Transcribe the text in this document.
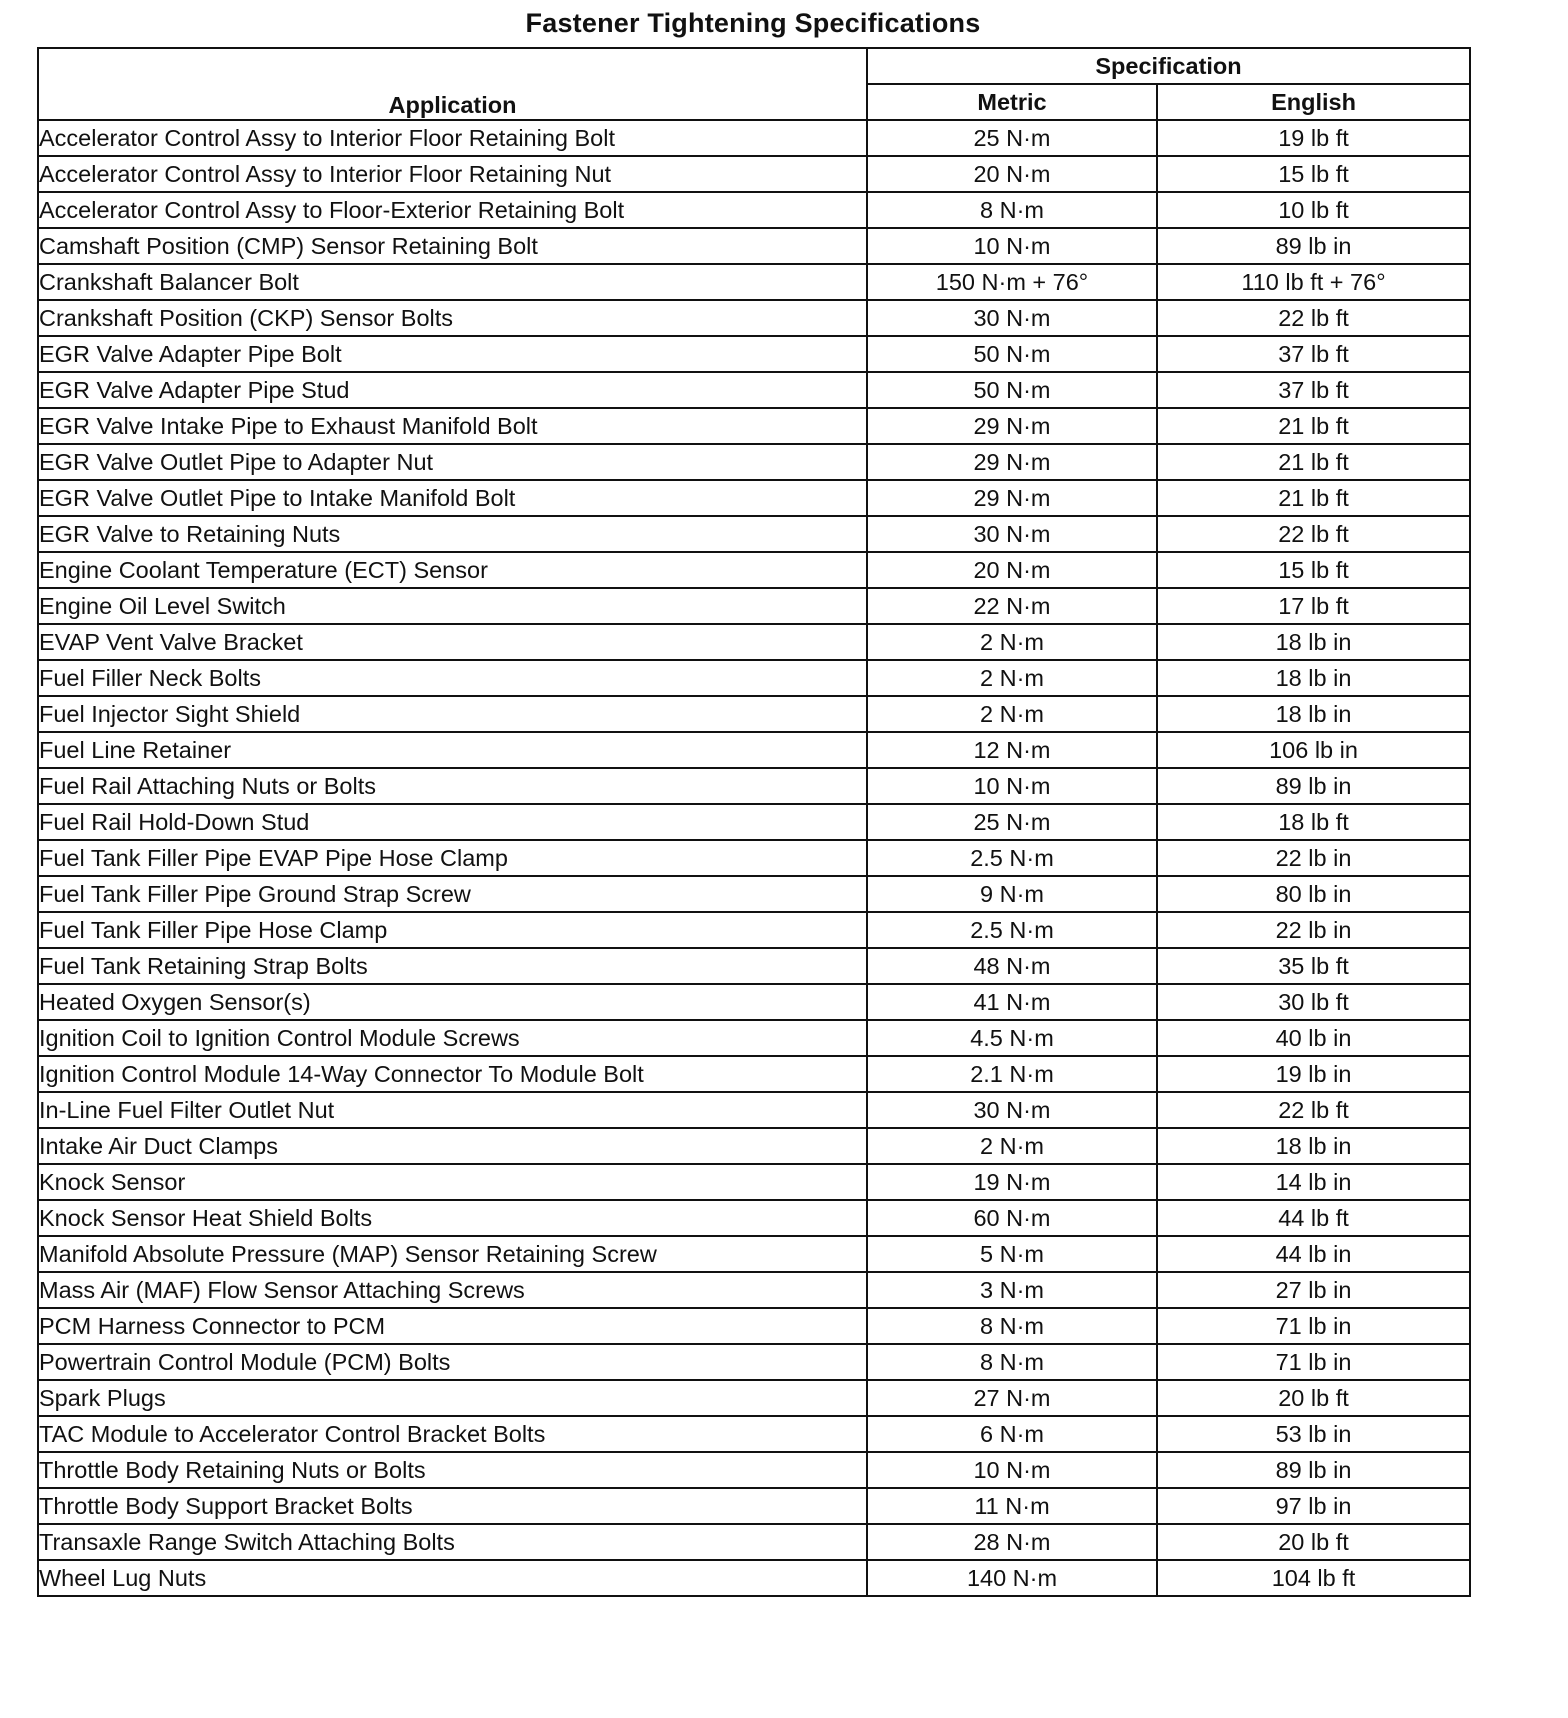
Fastener Tightening Specifications
Application	Specification	
	Metric	English
Accelerator Control Assy to Interior Floor Retaining Bolt	25 N·m	19 lb ft
Accelerator Control Assy to Interior Floor Retaining Nut	20 N·m	15 lb ft
Accelerator Control Assy to Floor-Exterior Retaining Bolt	8 N·m	10 lb ft
Camshaft Position (CMP) Sensor Retaining Bolt	10 N·m	89 lb in
Crankshaft Balancer Bolt	150 N·m + 76°	110 lb ft + 76°
Crankshaft Position (CKP) Sensor Bolts	30 N·m	22 lb ft
EGR Valve Adapter Pipe Bolt	50 N·m	37 lb ft
EGR Valve Adapter Pipe Stud	50 N·m	37 lb ft
EGR Valve Intake Pipe to Exhaust Manifold Bolt	29 N·m	21 lb ft
EGR Valve Outlet Pipe to Adapter Nut	29 N·m	21 lb ft
EGR Valve Outlet Pipe to Intake Manifold Bolt	29 N·m	21 lb ft
EGR Valve to Retaining Nuts	30 N·m	22 lb ft
Engine Coolant Temperature (ECT) Sensor	20 N·m	15 lb ft
Engine Oil Level Switch	22 N·m	17 lb ft
EVAP Vent Valve Bracket	2 N·m	18 lb in
Fuel Filler Neck Bolts	2 N·m	18 lb in
Fuel Injector Sight Shield	2 N·m	18 lb in
Fuel Line Retainer	12 N·m	106 lb in
Fuel Rail Attaching Nuts or Bolts	10 N·m	89 lb in
Fuel Rail Hold-Down Stud	25 N·m	18 lb ft
Fuel Tank Filler Pipe EVAP Pipe Hose Clamp	2.5 N·m	22 lb in
Fuel Tank Filler Pipe Ground Strap Screw	9 N·m	80 lb in
Fuel Tank Filler Pipe Hose Clamp	2.5 N·m	22 lb in
Fuel Tank Retaining Strap Bolts	48 N·m	35 lb ft
Heated Oxygen Sensor(s)	41 N·m	30 lb ft
Ignition Coil to Ignition Control Module Screws	4.5 N·m	40 lb in
Ignition Control Module 14-Way Connector To Module Bolt	2.1 N·m	19 lb in
In-Line Fuel Filter Outlet Nut	30 N·m	22 lb ft
Intake Air Duct Clamps	2 N·m	18 lb in
Knock Sensor	19 N·m	14 lb in
Knock Sensor Heat Shield Bolts	60 N·m	44 lb ft
Manifold Absolute Pressure (MAP) Sensor Retaining Screw	5 N·m	44 lb in
Mass Air (MAF) Flow Sensor Attaching Screws	3 N·m	27 lb in
PCM Harness Connector to PCM	8 N·m	71 lb in
Powertrain Control Module (PCM) Bolts	8 N·m	71 lb in
Spark Plugs	27 N·m	20 lb ft
TAC Module to Accelerator Control Bracket Bolts	6 N·m	53 lb in
Throttle Body Retaining Nuts or Bolts	10 N·m	89 lb in
Throttle Body Support Bracket Bolts	11 N·m	97 lb in
Transaxle Range Switch Attaching Bolts	28 N·m	20 lb ft
Wheel Lug Nuts	140 N·m	104 lb ft
